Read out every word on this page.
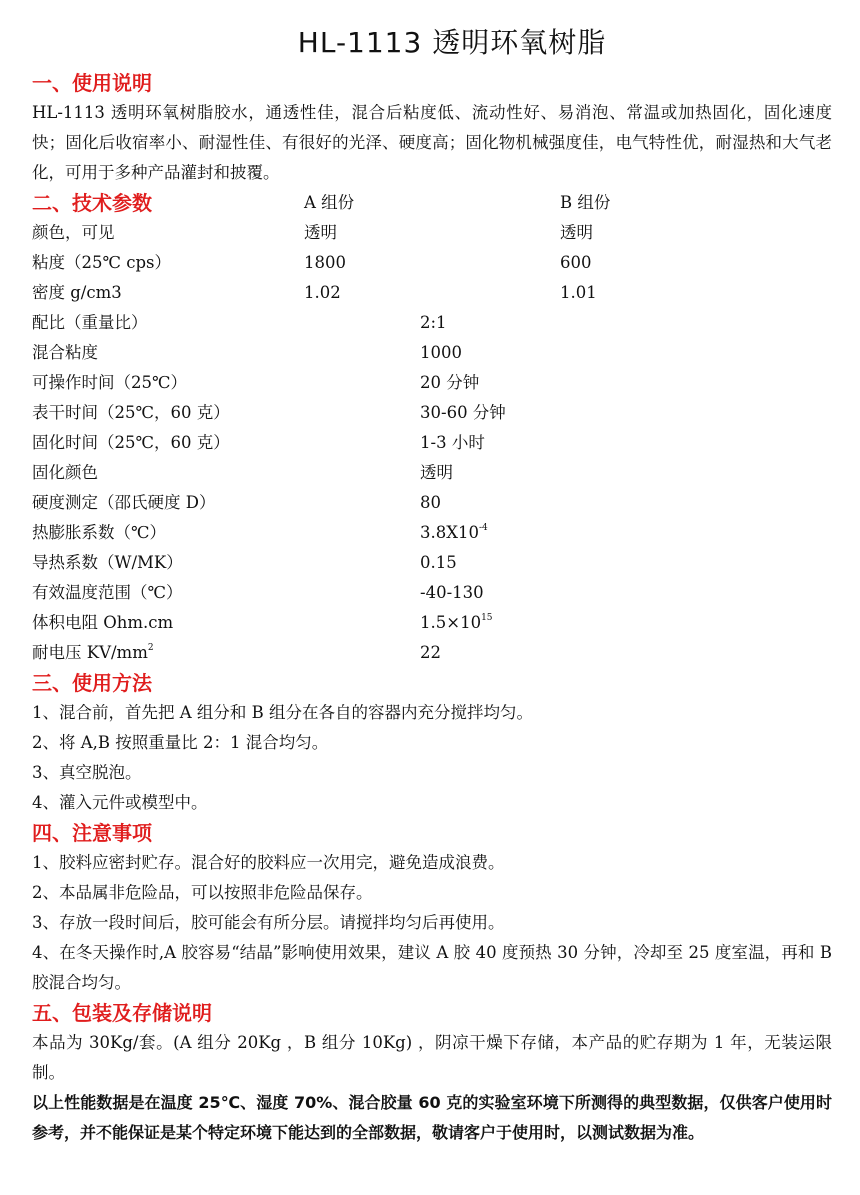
HL-1113 透明环氧树脂
一、使用说明
HL-1113 透明环氧树脂胶水，通透性佳，混合后粘度低、流动性好、易消泡、常温或加热固化，固化速度快；固化后收宿率小、耐湿性佳、有很好的光泽、硬度高；固化物机械强度佳，电气特性优，耐湿热和大气老化，可用于多种产品灌封和披覆。
二、技术参数	A 组份	B 组份
颜色，可见	透明	透明
粘度（25℃ cps）	1800	600
密度 g/cm3	1.02	1.01
配比（重量比）	2:1
混合粘度	1000
可操作时间（25℃）	20 分钟
表干时间（25℃，60 克）	30-60 分钟
固化时间（25℃，60 克）	1-3 小时
固化颜色	透明
硬度测定（邵氏硬度 D）	80
热膨胀系数（℃）	$3.8X10^{-4}$
导热系数（W/MK）	0.15
有效温度范围（℃）	-40-130
体积电阻 Ohm.cm	$1.5\times 10^{15}$
耐电压 $KV/mm^2$	22
三、使用方法
1、混合前，首先把 A 组分和 B 组分在各自的容器内充分搅拌均匀。
2、将 A,B 按照重量比 2：1 混合均匀。
3、真空脱泡。
4、灌入元件或模型中。
四、注意事项
1、胶料应密封贮存。混合好的胶料应一次用完，避免造成浪费。
2、本品属非危险品，可以按照非危险品保存。
3、存放一段时间后，胶可能会有所分层。请搅拌均匀后再使用。
4、在冬天操作时,A 胶容易“结晶”影响使用效果，建议 A 胶 40 度预热 30 分钟，冷却至 25 度室温，再和 B 胶混合均匀。
五、包装及存储说明
本品为 30Kg/套。(A 组分 20Kg ，B 组分 10Kg) ，阴凉干燥下存储，本产品的贮存期为 1 年，无装运限制。
以上性能数据是在温度 25℃、湿度 70%、混合胶量 60 克的实验室环境下所测得的典型数据，仅供客户使用时参考，并不能保证是某个特定环境下能达到的全部数据，敬请客户于使用时，以测试数据为准。
